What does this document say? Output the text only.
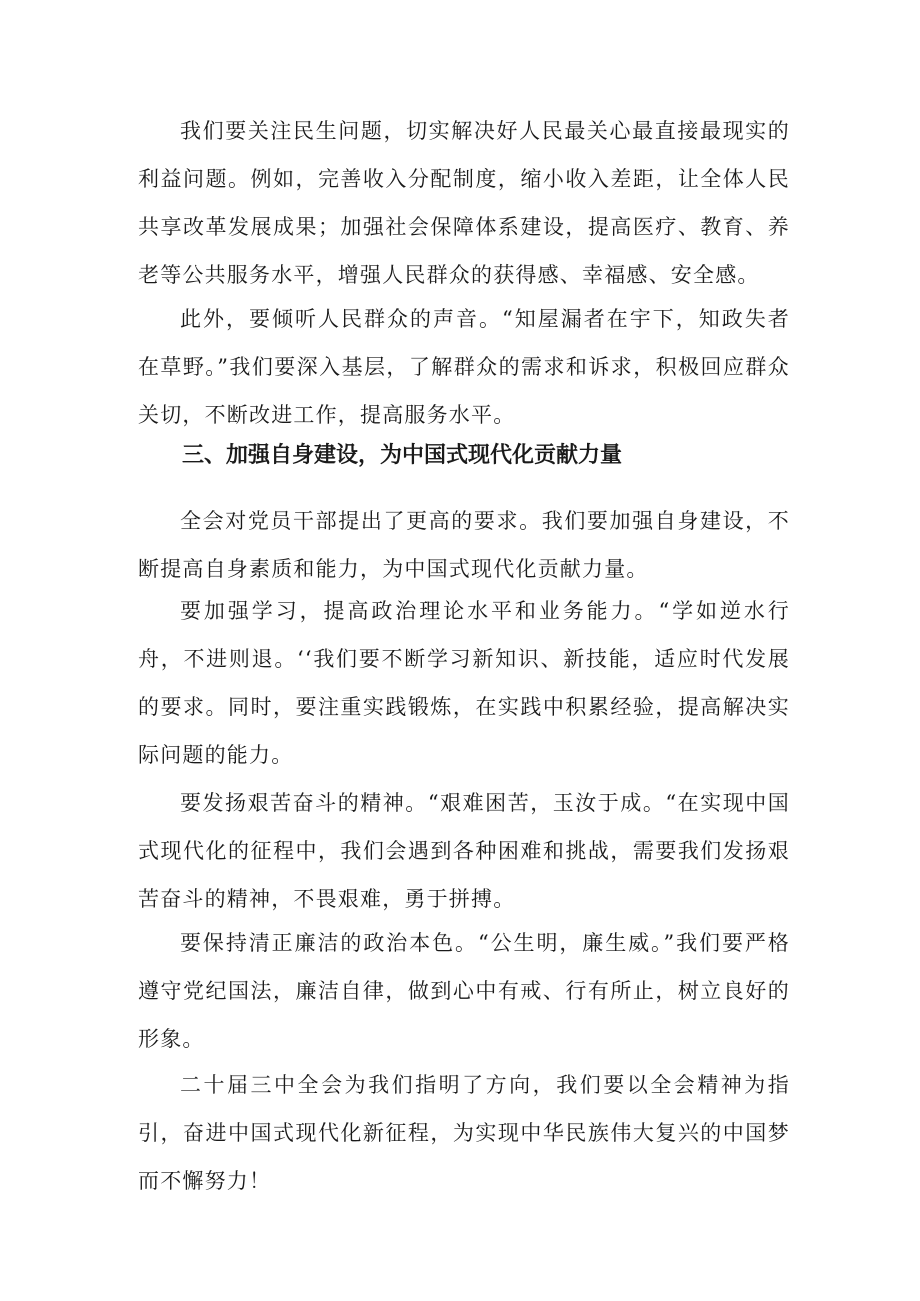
我们要关注民生问题，切实解决好人民最关心最直接最现实的利益问题。例如，完善收入分配制度，缩小收入差距，让全体人民共享改革发展成果；加强社会保障体系建设，提高医疗、教育、养老等公共服务水平，增强人民群众的获得感、幸福感、安全感。

此外，要倾听人民群众的声音。“知屋漏者在宇下，知政失者在草野。”我们要深入基层，了解群众的需求和诉求，积极回应群众关切，不断改进工作，提高服务水平。

三、加强自身建设，为中国式现代化贡献力量

全会对党员干部提出了更高的要求。我们要加强自身建设，不断提高自身素质和能力，为中国式现代化贡献力量。

要加强学习，提高政治理论水平和业务能力。“学如逆水行舟，不进则退。‘‘我们要不断学习新知识、新技能，适应时代发展的要求。同时，要注重实践锻炼，在实践中积累经验，提高解决实际问题的能力。

要发扬艰苦奋斗的精神。“艰难困苦，玉汝于成。“在实现中国式现代化的征程中，我们会遇到各种困难和挑战，需要我们发扬艰苦奋斗的精神，不畏艰难，勇于拼搏。

要保持清正廉洁的政治本色。“公生明，廉生威。”我们要严格遵守党纪国法，廉洁自律，做到心中有戒、行有所止，树立良好的形象。

二十届三中全会为我们指明了方向，我们要以全会精神为指引，奋进中国式现代化新征程，为实现中华民族伟大复兴的中国梦而不懈努力！
